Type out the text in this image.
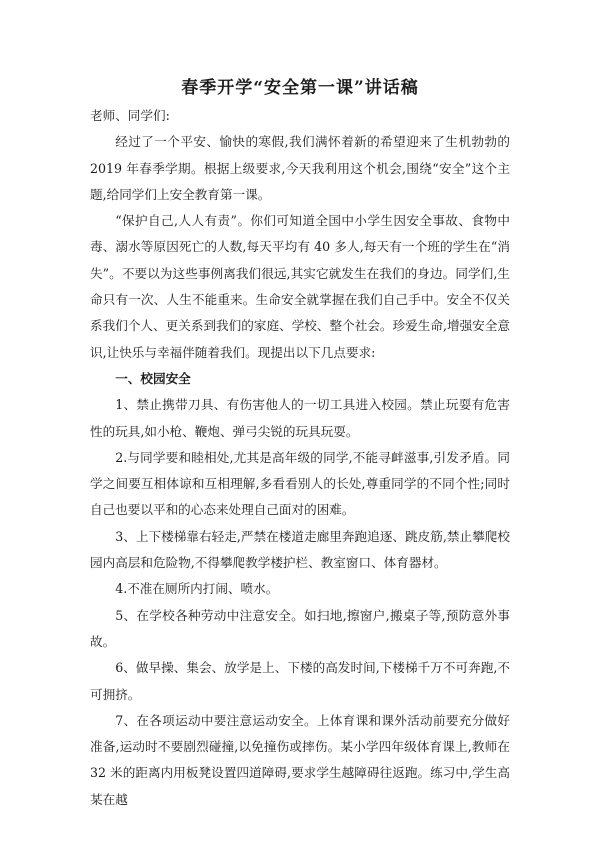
春季开学“安全第一课”讲话稿

老师、同学们:

经过了一个平安、愉快的寒假,我们满怀着新的希望迎来了生机勃勃的 2019 年春季学期。根据上级要求,今天我利用这个机会,围绕“安全”这个主题,给同学们上安全教育第一课。

“保护自己,人人有责”。你们可知道全国中小学生因安全事故、食物中毒、溺水等原因死亡的人数,每天平均有 40 多人,每天有一个班的学生在“消失”。不要以为这些事例离我们很远,其实它就发生在我们的身边。同学们,生命只有一次、人生不能重来。生命安全就掌握在我们自己手中。安全不仅关系我们个人、更关系到我们的家庭、学校、整个社会。珍爱生命,增强安全意识,让快乐与幸福伴随着我们。现提出以下几点要求:

一、校园安全

1、禁止携带刀具、有伤害他人的一切工具进入校园。禁止玩耍有危害性的玩具,如小枪、鞭炮、弹弓尖锐的玩具玩耍。

2.与同学要和睦相处,尤其是高年级的同学,不能寻衅滋事,引发矛盾。同学之间要互相体谅和互相理解,多看看别人的长处,尊重同学的不同个性;同时自己也要以平和的心态来处理自己面对的困难。

3、上下楼梯靠右轻走,严禁在楼道走廊里奔跑追逐、跳皮筋,禁止攀爬校园内高层和危险物,不得攀爬教学楼护栏、教室窗口、体育器材。

4.不准在厕所内打闹、喷水。

5、在学校各种劳动中注意安全。如扫地,擦窗户,搬桌子等,预防意外事故。

6、做早操、集会、放学是上、下楼的高发时间,下楼梯千万不可奔跑,不可拥挤。

7、在各项运动中要注意运动安全。上体育课和课外活动前要充分做好准备,运动时不要剧烈碰撞,以免撞伤或摔伤。某小学四年级体育课上,教师在 32 米的距离内用板凳设置四道障碍,要求学生越障碍往返跑。练习中,学生高某在越
